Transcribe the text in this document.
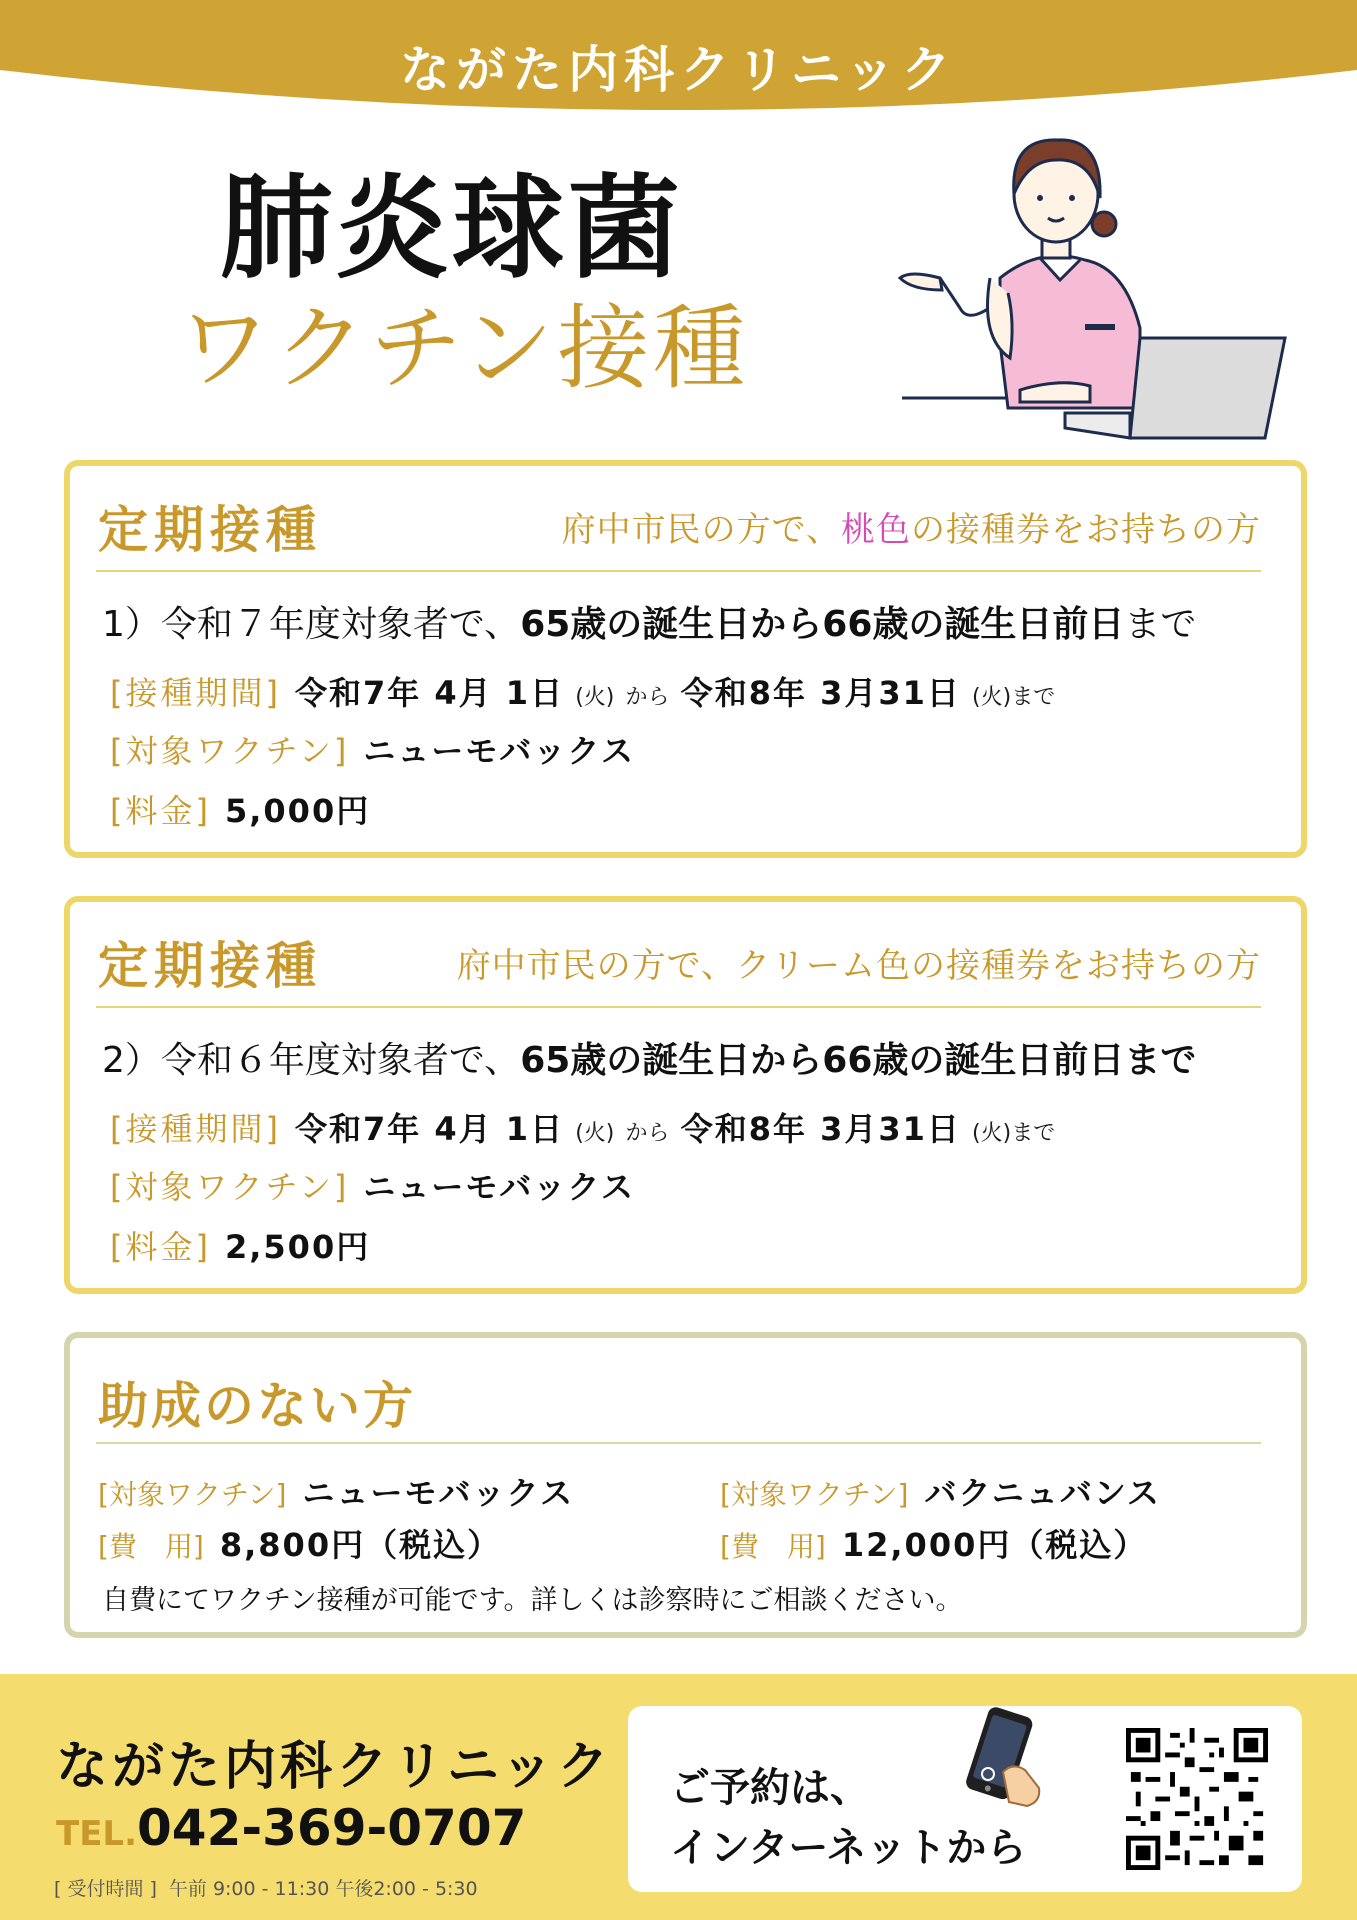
ながた内科クリニック
肺炎球菌
ワクチン接種
定期接種	府中市民の方で、桃色の接種券をお持ちの方
1）令和７年度対象者で、65歳の誕生日から66歳の誕生日前日まで
[接種期間] 令和7年 4月 1日 (火) から 令和8年 3月31日 (火)まで
[対象ワクチン] ニューモバックス
[料金] 5,000円
定期接種	府中市民の方で、クリーム色の接種券をお持ちの方
2）令和６年度対象者で、65歳の誕生日から66歳の誕生日前日まで
[接種期間] 令和7年 4月 1日 (火) から 令和8年 3月31日 (火)まで
[対象ワクチン] ニューモバックス
[料金] 2,500円
助成のない方
[対象ワクチン] ニューモバックス
[費　用] 8,800円（税込）
[対象ワクチン] バクニュバンス
[費　用] 12,000円（税込）
自費にてワクチン接種が可能です。詳しくは診察時にご相談ください。
ながた内科クリニック
TEL.042-369-0707
[ 受付時間 ] 午前 9:00 - 11:30 午後2:00 - 5:30
ご予約は、
インターネットから
